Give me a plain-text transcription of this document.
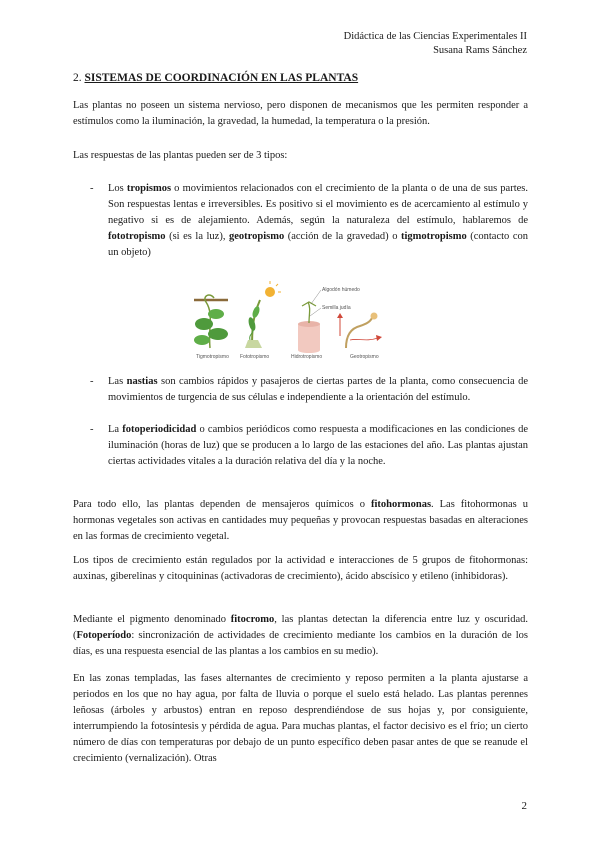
Didáctica de las Ciencias Experimentales II
Susana Rams Sánchez
2. SISTEMAS DE COORDINACIÓN EN LAS PLANTAS

Las plantas no poseen un sistema nervioso, pero disponen de mecanismos que les permiten responder a estímulos como la iluminación, la gravedad, la humedad, la temperatura o la presión.

Las respuestas de las plantas pueden ser de 3 tipos:

- Los tropismos o movimientos relacionados con el crecimiento de la planta o de una de sus partes. Son respuestas lentas e irreversibles. Es positivo si el movimiento es de acercamiento al estímulo y negativo si es de alejamiento. Además, según la naturaleza del estímulo, hablaremos de fototropismo (si es la luz), geotropismo (acción de la gravedad) o tigmotropismo (contacto con un objeto)
Algodón húmedo
Semilla judía
Tigmotropismo Fototropismo	Hidrotropismo	Geotropismo
- Las nastias son cambios rápidos y pasajeros de ciertas partes de la planta, como consecuencia de movimientos de turgencia de sus células e independiente a la orientación del estímulo.
- La fotoperiodicidad o cambios periódicos como respuesta a modificaciones en las condiciones de iluminación (horas de luz) que se producen a lo largo de las estaciones del año. Las plantas ajustan ciertas actividades vitales a la duración relativa del día y la noche.

Para todo ello, las plantas dependen de mensajeros químicos o fitohormonas. Las fitohormonas u hormonas vegetales son activas en cantidades muy pequeñas y provocan respuestas basadas en alteraciones en las formas de crecimiento vegetal.

Los tipos de crecimiento están regulados por la actividad e interacciones de 5 grupos de fitohormonas: auxinas, giberelinas y citoquininas (activadoras de crecimiento), ácido abscísico y etileno (inhibidoras).

Mediante el pigmento denominado fitocromo, las plantas detectan la diferencia entre luz y oscuridad. (Fotoperíodo: sincronización de actividades de crecimiento mediante los cambios en la duración de los días, es una respuesta esencial de las plantas a los cambios en su medio).

En las zonas templadas, las fases alternantes de crecimiento y reposo permiten a la planta ajustarse a periodos en los que no hay agua, por falta de lluvia o porque el suelo está helado. Las plantas perennes leñosas (árboles y arbustos) entran en reposo desprendiéndose de sus hojas y, por consiguiente, interrumpiendo la fotosíntesis y pérdida de agua. Para muchas plantas, el factor decisivo es el frío; un cierto número de días con temperaturas por debajo de un punto específico deben pasar antes de que se reanude el crecimiento (vernalización). Otras

2
